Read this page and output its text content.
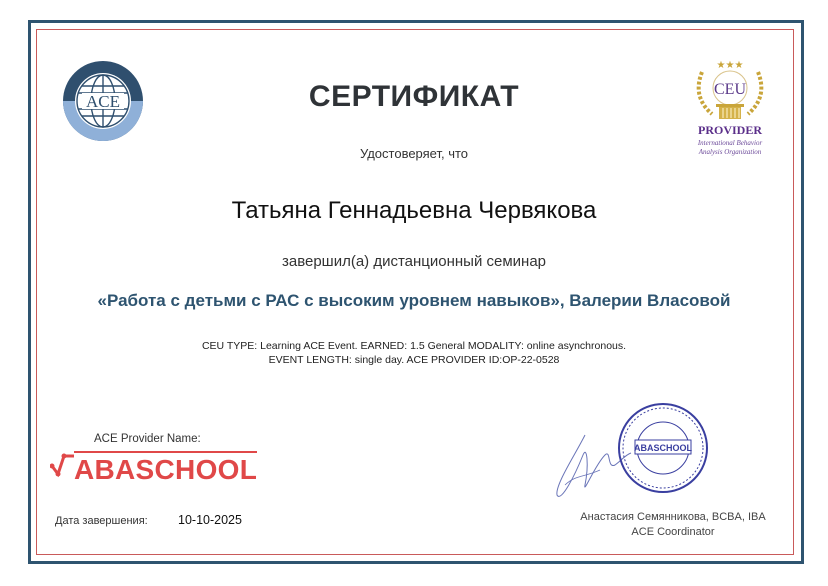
ACE
★★★
CEU
PROVIDER
International Behavior
Analysis Organization
СЕРТИФИКАТ
Удостоверяет, что
Татьяна Геннадьевна Червякова
завершил(а) дистанционный семинар
«Работа с детьми с РАС с высоким уровнем навыков», Валерии Власовой
CEU TYPE: Learning ACE Event. EARNED: 1.5 General MODALITY: online asynchronous.
EVENT LENGTH: single day. ACE PROVIDER ID:OP-22-0528
ACE Provider Name:
ABASCHOOL
Дата завершения: 10-10-2025
ABASCHOOL
Анастасия Семянникова, BCBA, IBA
ACE Coordinator
